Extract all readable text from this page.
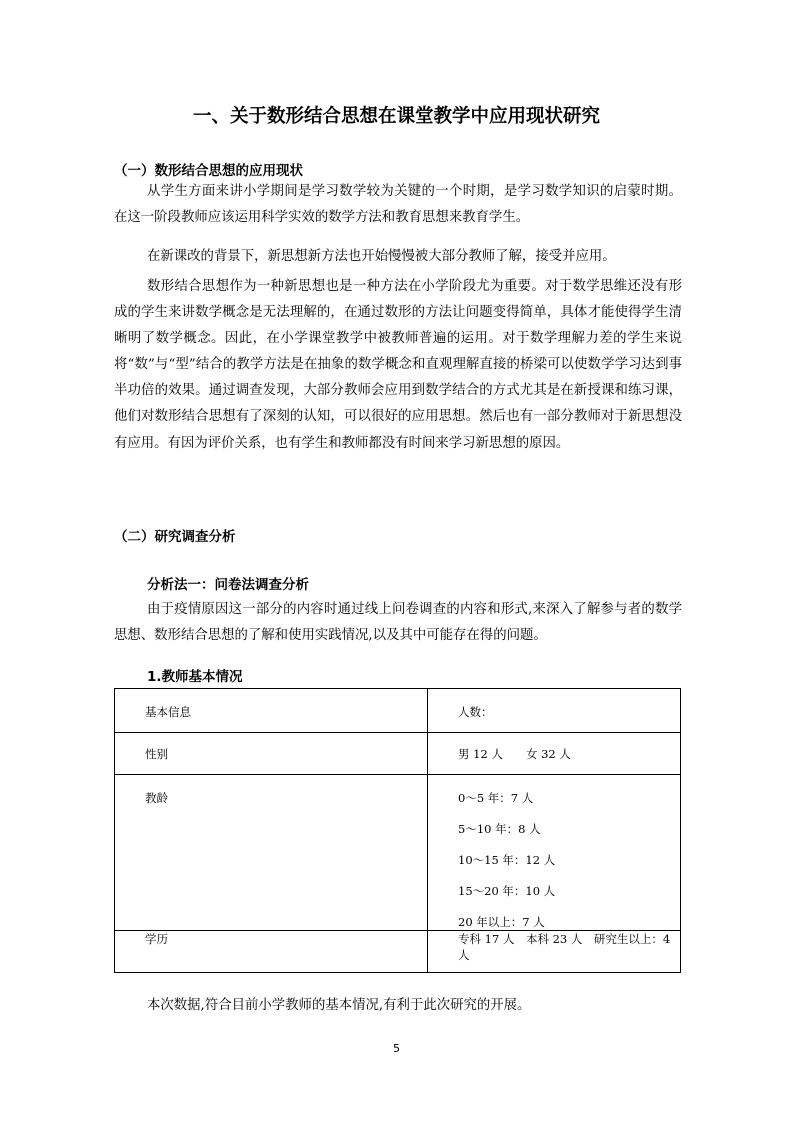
一、关于数形结合思想在课堂教学中应用现状研究
（一）数形结合思想的应用现状

从学生方面来讲小学期间是学习数学较为关键的一个时期，是学习数学知识的启蒙时期。在这一阶段教师应该运用科学实效的数学方法和教育思想来教育学生。

在新课改的背景下，新思想新方法也开始慢慢被大部分教师了解，接受并应用。

数形结合思想作为一种新思想也是一种方法在小学阶段尤为重要。对于数学思维还没有形成的学生来讲数学概念是无法理解的，在通过数形的方法让问题变得简单，具体才能使得学生清晰明了数学概念。因此，在小学课堂教学中被教师普遍的运用。对于数学理解力差的学生来说将“数”与“型”结合的教学方法是在抽象的数学概念和直观理解直接的桥梁可以使数学学习达到事半功倍的效果。通过调查发现，大部分教师会应用到数学结合的方式尤其是在新授课和练习课，他们对数形结合思想有了深刻的认知，可以很好的应用思想。然后也有一部分教师对于新思想没有应用。有因为评价关系，也有学生和教师都没有时间来学习新思想的原因。

（二）研究调查分析
分析法一：问卷法调查分析

由于疫情原因这一部分的内容时通过线上问卷调查的内容和形式,来深入了解参与者的数学思想、数形结合思想的了解和使用实践情况,以及其中可能存在得的问题。

1.教师基本情况
基本信息	人数：

性别	男 12 人　　女 32 人

教龄	0～5 年：7 人
5～10 年：8 人
10～15 年：12 人
15～20 年：10 人
20 年以上：7 人

学历	专科 17 人　本科 23 人　研究生以上：4 人

本次数据,符合目前小学教师的基本情况,有利于此次研究的开展。

5
